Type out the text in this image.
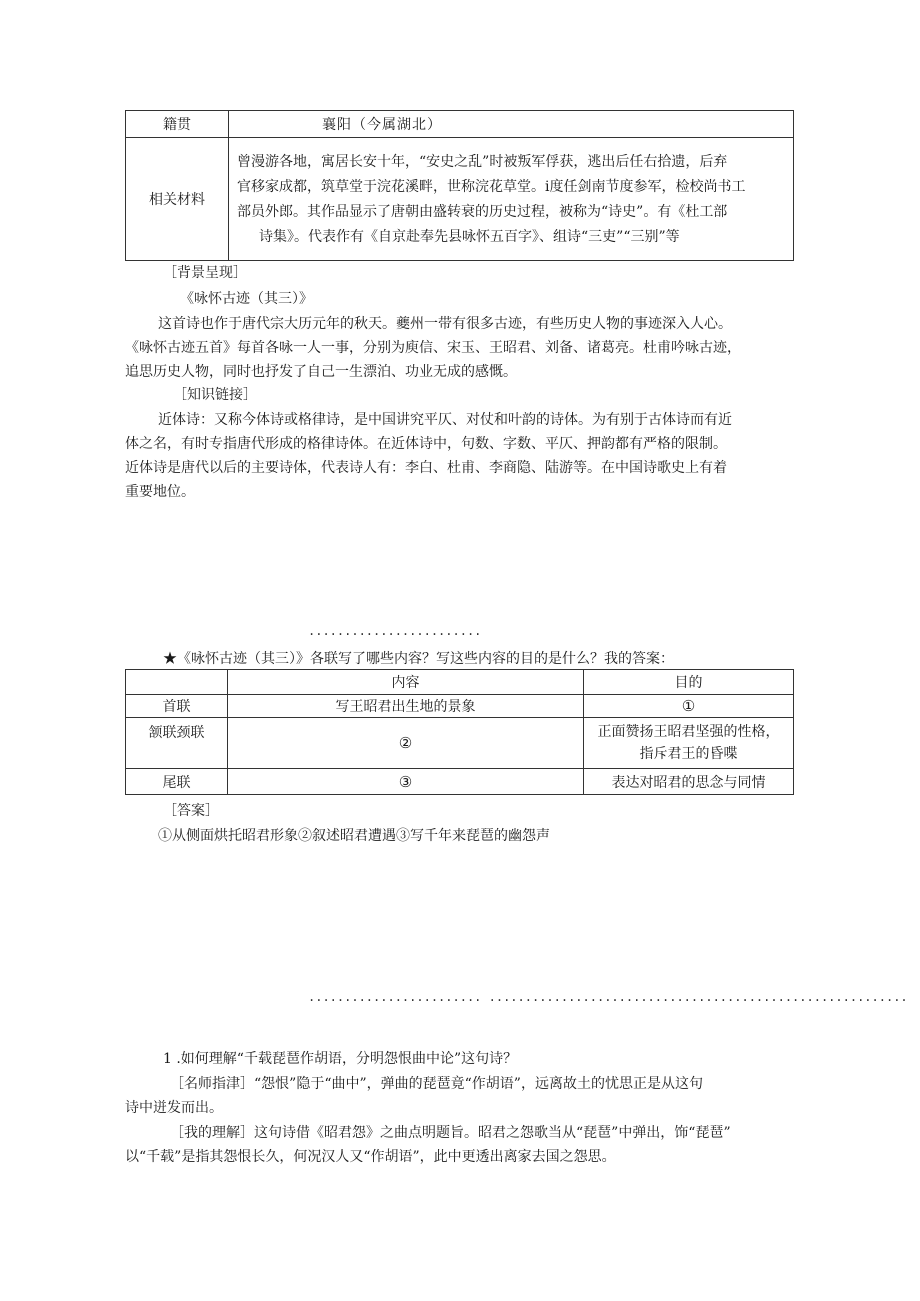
籍贯	襄阳（今属湖北）
相关材料	曾漫游各地，寓居长安十年，“安史之乱”时被叛军俘获，逃出后任右拾遗，后弃
官移家成都，筑草堂于浣花溪畔，世称浣花草堂。i度任剑南节度参军，检校尚书工
部员外郎。其作品显示了唐朝由盛转衰的历史过程，被称为“诗史”。有《杜工部
诗集》。代表作有《自京赴奉先县咏怀五百字》、组诗“三吏”“三别”等
［背景呈现］
《咏怀古迹（其三）》
这首诗也作于唐代宗大历元年的秋天。夔州一带有很多古迹，有些历史人物的事迹深入人心。
《咏怀古迹五首》每首各咏一人一事，分别为庾信、宋玉、王昭君、刘备、诸葛亮。杜甫吟咏古迹，
追思历史人物，同时也抒发了自己一生漂泊、功业无成的感慨。
［知识链接］
近体诗：又称今体诗或格律诗，是中国讲究平仄、对仗和叶韵的诗体。为有别于古体诗而有近
体之名，有时专指唐代形成的格律诗体。在近体诗中，句数、字数、平仄、押韵都有严格的限制。
近体诗是唐代以后的主要诗体，代表诗人有：李白、杜甫、李商隐、陆游等。在中国诗歌史上有着
重要地位。
........................
★《咏怀古迹（其三）》各联写了哪些内容？写这些内容的目的是什么？我的答案：
	内容	目的
首联	写王昭君出生地的景象	①
颔联颈联	②	正面赞扬王昭君坚强的性格，
指斥君王的昏喋

尾联	③	表达对昭君的思念与同情
［答案］
①从侧面烘托昭君形象②叙述昭君遭遇③写千年来琵琶的幽怨声
........................ ..........................................................
1 .如何理解“千载琵琶作胡语，分明怨恨曲中论”这句诗？
［名师指津］“怨恨”隐于“曲中”，弹曲的琵琶竟“作胡语”，远离故土的忧思正是从这句
诗中迸发而出。
［我的理解］这句诗借《昭君怨》之曲点明题旨。昭君之怨歌当从“琵琶”中弹出，饰“琵琶”
以“千载”是指其怨恨长久，何况汉人又“作胡语”，此中更透出离家去国之怨思。
